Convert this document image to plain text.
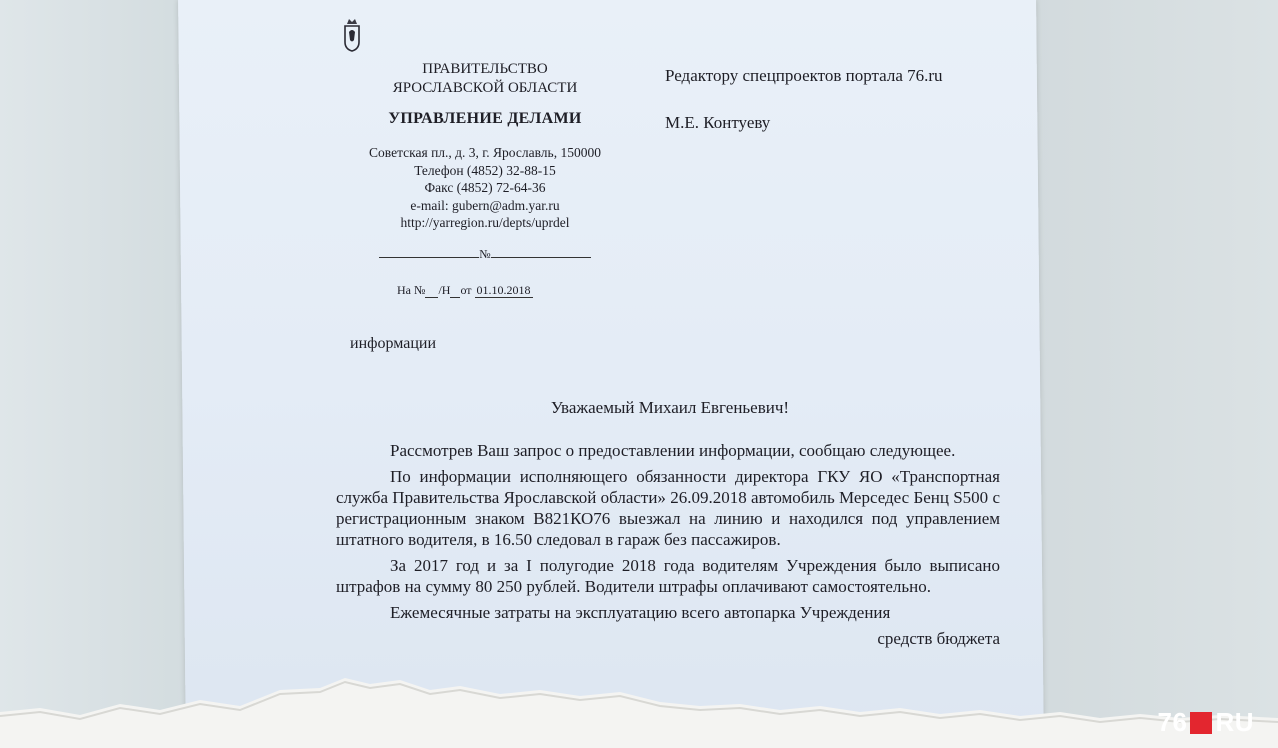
ПРАВИТЕЛЬСТВО
ЯРОСЛАВСКОЙ ОБЛАСТИ
УПРАВЛЕНИЕ ДЕЛАМИ
Советская пл., д. 3, г. Ярославль, 150000
Телефон (4852) 32-88-15
Факс (4852) 72-64-36
e-mail: gubern@adm.yar.ru
http://yarregion.ru/depts/uprdel
№
На № /Н от 01.10.2018
Редактору спецпроектов портала 76.ru
М.Е. Контуеву
информации
Уважаемый Михаил Евгеньевич!

Рассмотрев Ваш запрос о предоставлении информации, сообщаю следующее.

По информации исполняющего обязанности директора ГКУ ЯО «Транспортная служба Правительства Ярославской области» 26.09.2018 автомобиль Мерседес Бенц S500 с регистрационным знаком В821КО76 выезжал на линию и находился под управлением штатного водителя, в 16.50 следовал в гараж без пассажиров.

За 2017 год и за I полугодие 2018 года водителям Учреждения было выписано штрафов на сумму 80 250 рублей. Водители штрафы оплачивают самостоятельно.

Ежемесячные затраты на эксплуатацию всего автопарка Учреждения

средств бюджета

76 RU
